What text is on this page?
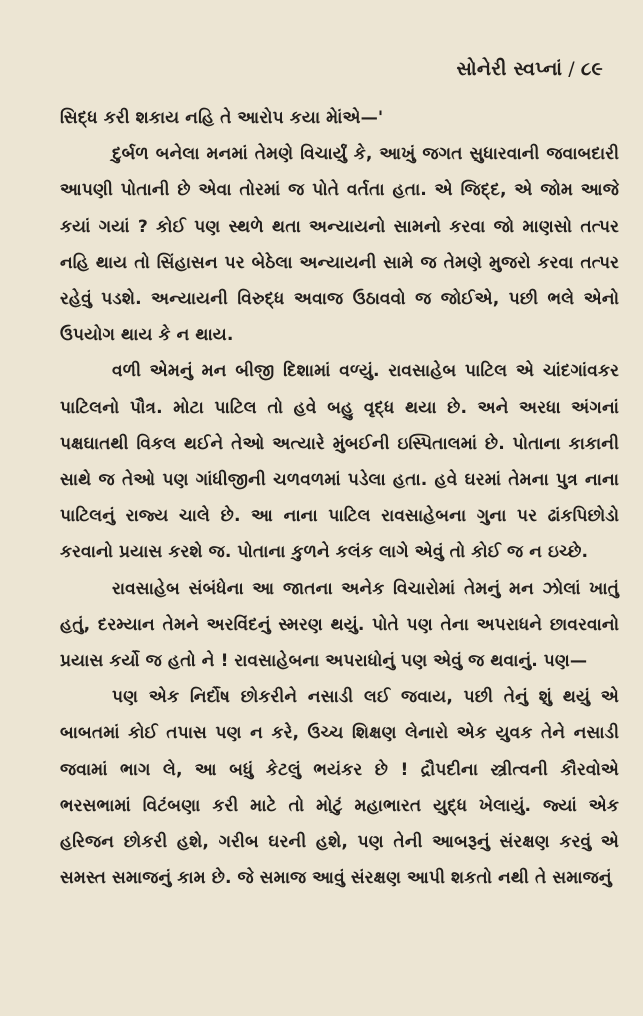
સોનેરી સ્વપ્નાં / ૮૯

સિદ્ધ કરી શકાય નહિ તે આરોપ કયા મેાંએ—'

દુર્બળ બનેલા મનમાં તેમણે વિચાર્યું કે, આખું જગત સુધારવાની જવાબદારી આપણી પોતાની છે એવા તોરમાં જ પોતે વર્તતા હતા. એ જિદ્દ, એ જોમ આજે કયાં ગયાં ? કોઈ પણ સ્થળે થતા અન્યાયનો સામનો કરવા જો માણસો તત્પર નહિ થાય તો સિંહાસન પર બેઠેલા અન્યાયની સામે જ તેમણે મુજરો કરવા તત્પર રહેવું પડશે. અન્યાયની વિરુદ્ધ અવાજ ઉઠાવવો જ જોઈએ, પછી ભલે એનો ઉપયોગ થાય કે ન થાય.

વળી એમનું મન બીજી દિશામાં વળ્યું. રાવસાહેબ પાટિલ એ ચાંદગાંવકર પાટિલનો પૌત્ર. મોટા પાટિલ તો હવે બહુ વૃદ્ધ થયા છે. અને અરધા અંગનાં પક્ષઘાતથી વિકલ થઈને તેઓ અત્યારે મુંબઈની ઇસ્પિતાલમાં છે. પોતાના કાકાની સાથે જ તેઓ પણ ગાંધીજીની ચળવળમાં પડેલા હતા. હવે ઘરમાં તેમના પુત્ર નાના પાટિલનું રાજ્ય ચાલે છે. આ નાના પાટિલ રાવસાહેબના ગુના પર ઢાંકપિછોડો કરવાનો પ્રયાસ કરશે જ. પોતાના કુળને કલંક લાગે એવું તો કોઈ જ ન ઇચ્છે.

રાવસાહેબ સંબંધેના આ જાતના અનેક વિચારોમાં તેમનું મન ઝોલાં ખાતું હતું, દરમ્યાન તેમને અરવિંદનું સ્મરણ થયું. પોતે પણ તેના અપરાધને છાવરવાનો પ્રયાસ કર્યો જ હતો ને ! રાવસાહેબના અપરાધોનું પણ એવું જ થવાનું. પણ—

પણ એક નિર્દોષ છોકરીને નસાડી લઈ જવાય, પછી તેનું શું થયું એ બાબતમાં કોઈ તપાસ પણ ન કરે, ઉચ્ચ શિક્ષણ લેનારો એક યુવક તેને નસાડી જવામાં ભાગ લે, આ બધું કેટલું ભયંકર છે ! દ્રૌપદીના સ્ત્રીત્વની કૌરવોએ ભરસભામાં વિટંબણા કરી માટે તો મોટું મહાભારત યુદ્ધ ખેલાયું. જ્યાં એક હરિજન છોકરી હશે, ગરીબ ઘરની હશે, પણ તેની આબરૂનું સંરક્ષણ કરવું એ સમસ્ત સમાજનું કામ છે. જે સમાજ આવું સંરક્ષણ આપી શકતો નથી તે સમાજનું
